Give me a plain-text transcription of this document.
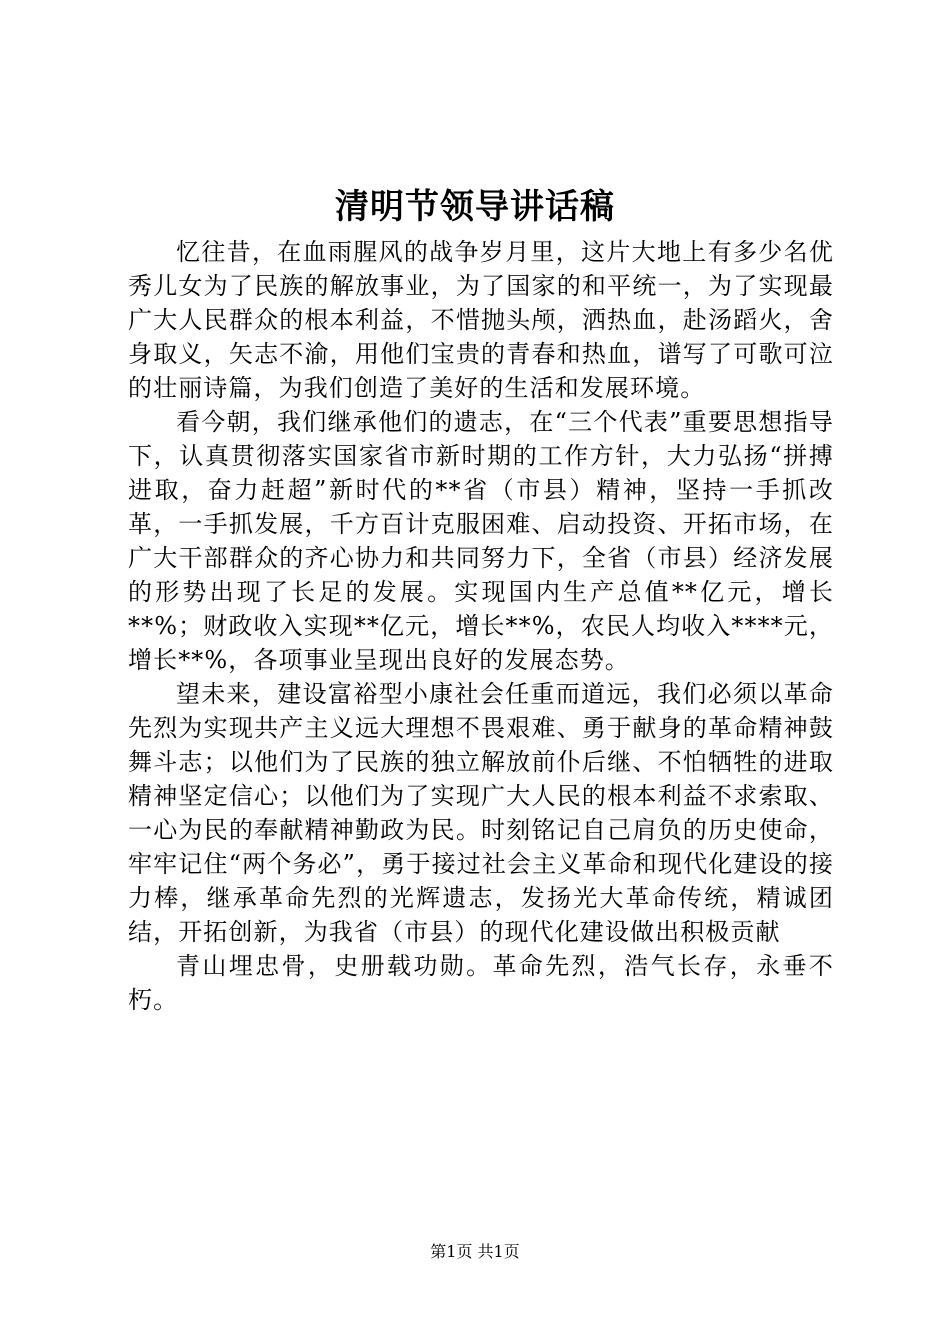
清明节领导讲话稿

忆往昔，在血雨腥风的战争岁月里，这片大地上有多少名优秀儿女为了民族的解放事业，为了国家的和平统一，为了实现最广大人民群众的根本利益，不惜抛头颅，洒热血，赴汤蹈火，舍身取义，矢志不渝，用他们宝贵的青春和热血，谱写了可歌可泣的壮丽诗篇，为我们创造了美好的生活和发展环境。

看今朝，我们继承他们的遗志，在“三个代表”重要思想指导下，认真贯彻落实国家省市新时期的工作方针，大力弘扬“拼搏进取，奋力赶超”新时代的**省（市县）精神，坚持一手抓改革，一手抓发展，千方百计克服困难、启动投资、开拓市场，在广大干部群众的齐心协力和共同努力下，全省（市县）经济发展的形势出现了长足的发展。实现国内生产总值**亿元，增长**%；财政收入实现**亿元，增长**%，农民人均收入****元，增长**%，各项事业呈现出良好的发展态势。

望未来，建设富裕型小康社会任重而道远，我们必须以革命先烈为实现共产主义远大理想不畏艰难、勇于献身的革命精神鼓舞斗志；以他们为了民族的独立解放前仆后继、不怕牺牲的进取精神坚定信心；以他们为了实现广大人民的根本利益不求索取、一心为民的奉献精神勤政为民。时刻铭记自己肩负的历史使命，牢牢记住“两个务必”，勇于接过社会主义革命和现代化建设的接力棒，继承革命先烈的光辉遗志，发扬光大革命传统，精诚团结，开拓创新，为我省（市县）的现代化建设做出积极贡献

青山埋忠骨，史册载功勋。革命先烈，浩气长存，永垂不朽。

第1页 共1页
